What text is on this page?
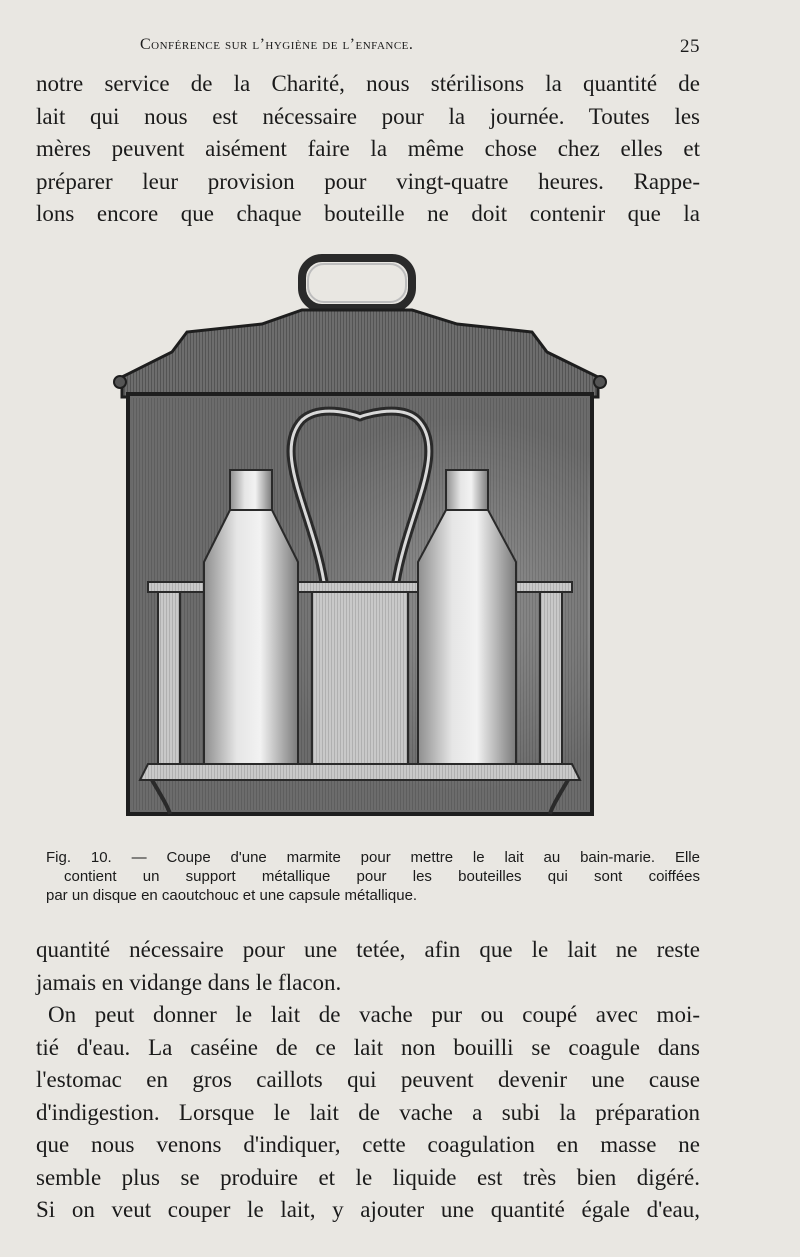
Conférence sur l’hygiène de l’enfance.	25
notre service de la Charité, nous stérilisons la quantité de
lait qui nous est nécessaire pour la journée. Toutes les
mères peuvent aisément faire la même chose chez elles et
préparer leur provision pour vingt-quatre heures. Rappe-
lons encore que chaque bouteille ne doit contenir que la
Fig. 10. — Coupe d'une marmite pour mettre le lait au bain-marie. Elle
contient un support métallique pour les bouteilles qui sont coiffées
par un disque en caoutchouc et une capsule métallique.
quantité nécessaire pour une tetée, afin que le lait ne reste
jamais en vidange dans le flacon.
On peut donner le lait de vache pur ou coupé avec moi-
tié d'eau. La caséine de ce lait non bouilli se coagule dans
l'estomac en gros caillots qui peuvent devenir une cause
d'indigestion. Lorsque le lait de vache a subi la préparation
que nous venons d'indiquer, cette coagulation en masse ne
semble plus se produire et le liquide est très bien digéré.
Si on veut couper le lait, y ajouter une quantité égale d'eau,
